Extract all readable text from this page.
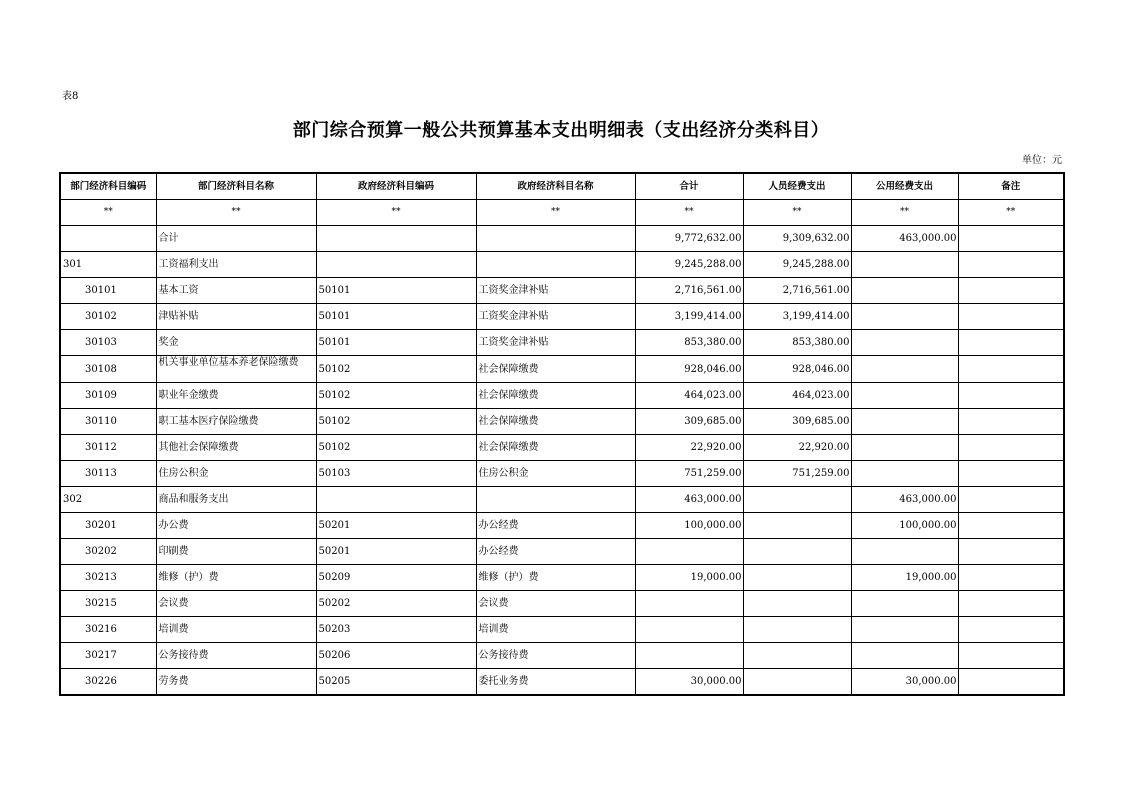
表8
部门综合预算一般公共预算基本支出明细表（支出经济分类科目）
单位：元
部门经济科目编码	部门经济科目名称	政府经济科目编码	政府经济科目名称	合计	人员经费支出	公用经费支出	备注
**	**	**	**	**	**	**	**
	合计			9,772,632.00	9,309,632.00	463,000.00	
301	工资福利支出			9,245,288.00	9,245,288.00		
30101	基本工资	50101	工资奖金津补贴	2,716,561.00	2,716,561.00		
30102	津贴补贴	50101	工资奖金津补贴	3,199,414.00	3,199,414.00		
30103	奖金	50101	工资奖金津补贴	853,380.00	853,380.00		
30108	机关事业单位基本养老保险缴费	50102	社会保障缴费	928,046.00	928,046.00		
30109	职业年金缴费	50102	社会保障缴费	464,023.00	464,023.00		
30110	职工基本医疗保险缴费	50102	社会保障缴费	309,685.00	309,685.00		
30112	其他社会保障缴费	50102	社会保障缴费	22,920.00	22,920.00		
30113	住房公积金	50103	住房公积金	751,259.00	751,259.00		
302	商品和服务支出			463,000.00		463,000.00	
30201	办公费	50201	办公经费	100,000.00		100,000.00	
30202	印刷费	50201	办公经费				
30213	维修（护）费	50209	维修（护）费	19,000.00		19,000.00	
30215	会议费	50202	会议费				
30216	培训费	50203	培训费				
30217	公务接待费	50206	公务接待费				
30226	劳务费	50205	委托业务费	30,000.00		30,000.00	
